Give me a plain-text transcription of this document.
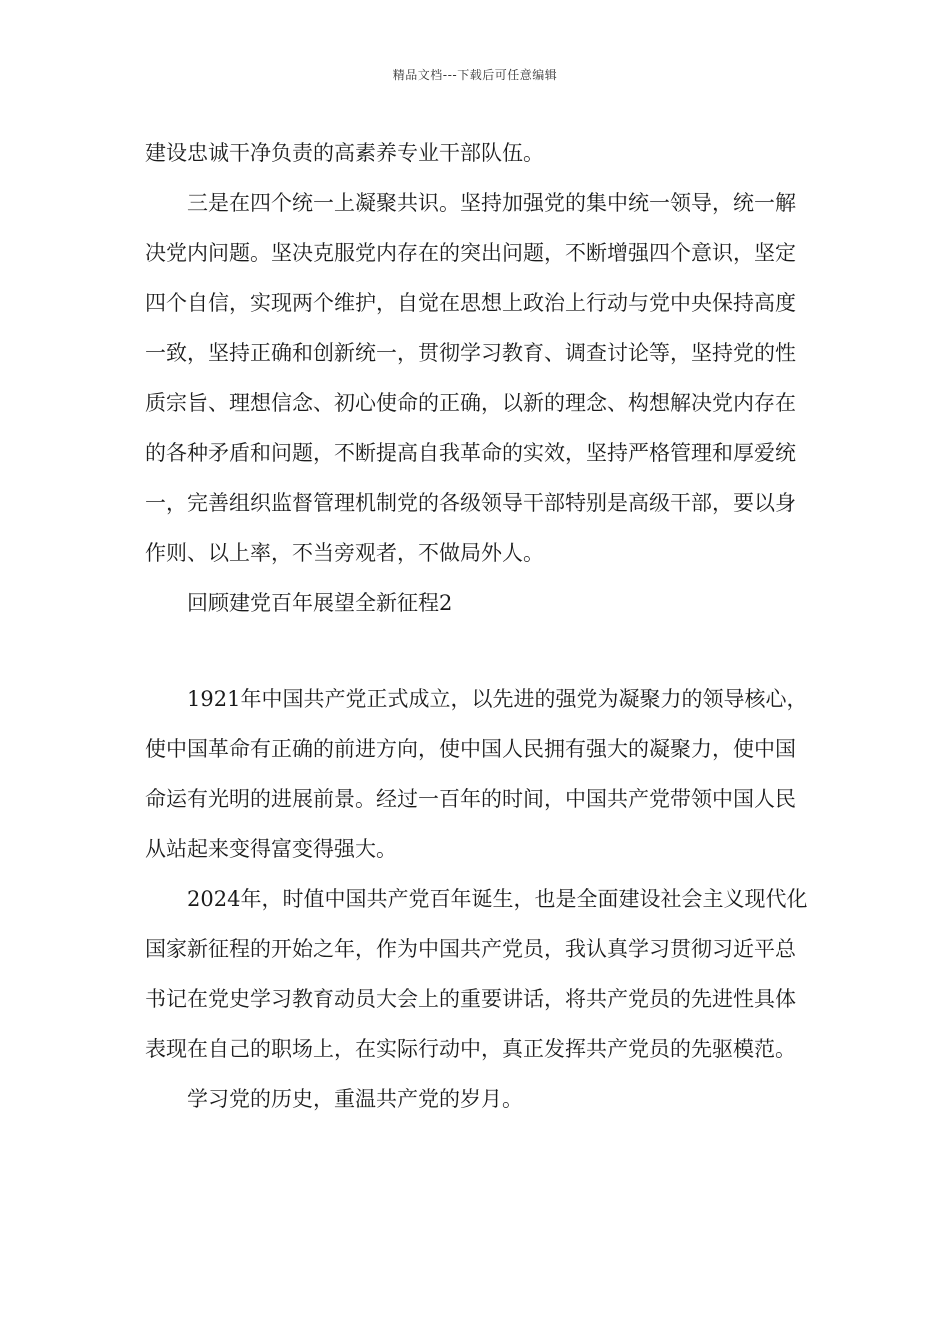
精品文档---下载后可任意编辑

建设忠诚干净负责的高素养专业干部队伍。

三是在四个统一上凝聚共识。坚持加强党的集中统一领导，统一解决党内问题。坚决克服党内存在的突出问题，不断增强四个意识，坚定四个自信，实现两个维护，自觉在思想上政治上行动与党中央保持高度一致，坚持正确和创新统一，贯彻学习教育、调查讨论等，坚持党的性质宗旨、理想信念、初心使命的正确，以新的理念、构想解决党内存在的各种矛盾和问题，不断提高自我革命的实效，坚持严格管理和厚爱统一，完善组织监督管理机制党的各级领导干部特别是高级干部，要以身作则、以上率，不当旁观者，不做局外人。

回顾建党百年展望全新征程2

1921年中国共产党正式成立，以先进的强党为凝聚力的领导核心，使中国革命有正确的前进方向，使中国人民拥有强大的凝聚力，使中国命运有光明的进展前景。经过一百年的时间，中国共产党带领中国人民从站起来变得富变得强大。

2024年，时值中国共产党百年诞生，也是全面建设社会主义现代化国家新征程的开始之年，作为中国共产党员，我认真学习贯彻习近平总书记在党史学习教育动员大会上的重要讲话，将共产党员的先进性具体表现在自己的职场上，在实际行动中，真正发挥共产党员的先驱模范。

学习党的历史，重温共产党的岁月。
